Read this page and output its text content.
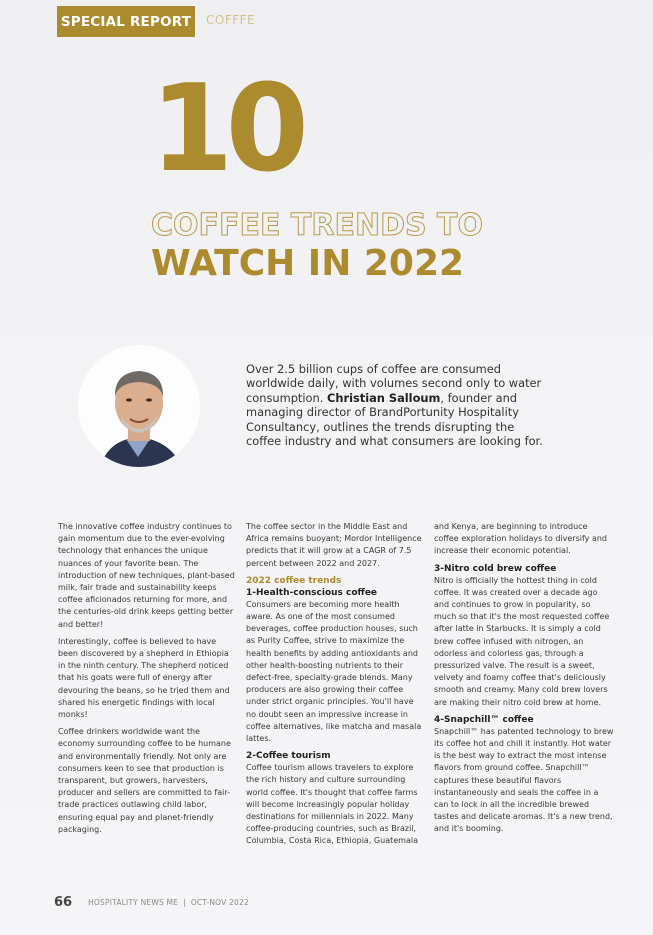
SPECIAL REPORT	COFFFE
10
COFFEE TRENDS TO
WATCH IN 2022
Over 2.5 billion cups of coffee are consumed worldwide daily, with volumes second only to water consumption. Christian Salloum, founder and managing director of BrandPortunity Hospitality Consultancy, outlines the trends disrupting the coffee industry and what consumers are looking for.

The innovative coffee industry continues to gain momentum due to the ever-evolving technology that enhances the unique nuances of your favorite bean. The introduction of new techniques, plant-based milk, fair trade and sustainability keeps coffee aficionados returning for more, and the centuries-old drink keeps getting better and better!

Interestingly, coffee is believed to have been discovered by a shepherd in Ethiopia in the ninth century. The shepherd noticed that his goats were full of energy after devouring the beans, so he tried them and shared his energetic findings with local monks!

Coffee drinkers worldwide want the economy surrounding coffee to be humane and environmentally friendly. Not only are consumers keen to see that production is transparent, but growers, harvesters, producer and sellers are committed to fair-trade practices outlawing child labor, ensuring equal pay and planet-friendly packaging.

The coffee sector in the Middle East and Africa remains buoyant; Mordor Intelligence predicts that it will grow at a CAGR of 7.5 percent between 2022 and 2027.

2022 coffee trends
1-Health-conscious coffee

Consumers are becoming more health aware. As one of the most consumed beverages, coffee production houses, such as Purity Coffee, strive to maximize the health benefits by adding antioxidants and other health-boosting nutrients to their defect-free, specialty-grade blends. Many producers are also growing their coffee under strict organic principles. You'll have no doubt seen an impressive increase in coffee alternatives, like matcha and masala lattes.

2-Coffee tourism

Coffee tourism allows travelers to explore the rich history and culture surrounding world coffee. It's thought that coffee farms will become increasingly popular holiday destinations for millennials in 2022. Many coffee-producing countries, such as Brazil, Columbia, Costa Rica, Ethiopia, Guatemala

and Kenya, are beginning to introduce coffee exploration holidays to diversify and increase their economic potential.

3-Nitro cold brew coffee

Nitro is officially the hottest thing in cold coffee. It was created over a decade ago and continues to grow in popularity, so much so that it's the most requested coffee after latte in Starbucks. It is simply a cold brew coffee infused with nitrogen, an odorless and colorless gas, through a pressurized valve. The result is a sweet, velvety and foamy coffee that's deliciously smooth and creamy. Many cold brew lovers are making their nitro cold brew at home.

4-Snapchill™ coffee

Snapchill™ has patented technology to brew its coffee hot and chill it instantly. Hot water is the best way to extract the most intense flavors from ground coffee. Snapchill™ captures these beautiful flavors instantaneously and seals the coffee in a can to lock in all the incredible brewed tastes and delicate aromas. It's a new trend, and it's booming.

66 HOSPITALITY NEWS ME | OCT-NOV 2022
